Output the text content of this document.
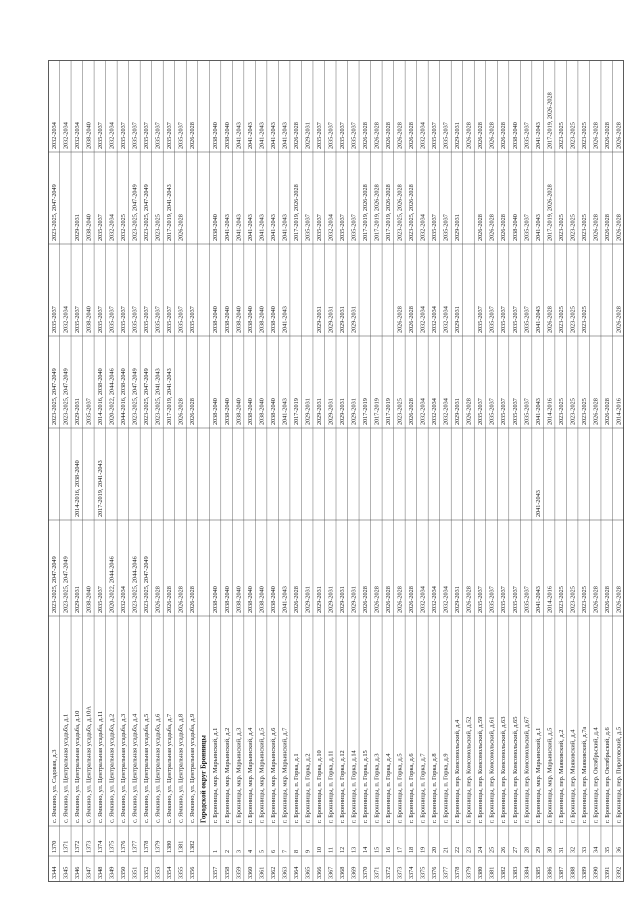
3344
1370
с. Ямкино, ул. Садовая, д.3
2023-2025, 2047-2049
2023-2025, 2047-2049
2035-2037
2023-2025, 2047-2049
2032-2034
3345
1371
с. Ямкино, ул. Центральная усадьба, д.1
2023-2025, 2047-2049
2023-2025, 2047-2049
2032-2034
2032-2034
3346
1372
с. Ямкино, ул. Центральная усадьба, д.10
2029-2031
2014-2016, 2038-2040
2029-2031
2035-2037
2029-2031
2032-2034
3347
1373
с. Ямкино, ул. Центральная усадьба, д.10А
2038-2040
2035-2037
2038-2040
2038-2040
2038-2040
3348
1374
с. Ямкино, ул. Центральная усадьба, д.11
2035-2037
2017-2019, 2041-2043
2014-2016, 2038-2040
2035-2037
2035-2037
2035-2037
3349
1375
с. Ямкино, ул. Центральная усадьба, д.2
2020-2022, 2044-2046
2020-2022, 2044-2046
2035-2037
2032-2034
2032-2034
3350
1376
с. Ямкино, ул. Центральная усадьба, д.3
2032-2034
2044-2016, 2038-2040
2035-2037
2032-2025
2035-2037
3351
1377
с. Ямкино, ул. Центральная усадьба, д.4
2023-2025, 2044-2046
2023-2025, 2047-2049
2035-2037
2023-2025, 2047-2049
2035-2037
3352
1378
с. Ямкино, ул. Центральная усадьба, д.5
2023-2025, 2047-2049
2023-2025, 2047-2049
2035-2037
2023-2025, 2047-2049
2035-2037
3353
1379
с. Ямкино, ул. Центральная усадьба, д.6
2026-2028
2023-2025, 2041-2043
2035-2037
2023-2025
2035-2037
3354
1380
с. Ямкино, ул. Центральная усадьба, д.7
2026-2028
2017-2019, 2041-2043
2035-2037
2017-2019, 2041-2043
2035-2037
3355
1381
с. Ямкино, ул. Центральная усадьба, д.8
2026-2028
2026-2028
2035-2037
2026-2028
2035-2037
3356
1382
с. Ямкино, ул. Центральная усадьба, д.9
2026-2028
2026-2028
2035-2037
2026-2028
Городской округ Бронницы
3357
1
г. Бронницы, мкр. Марьинский, д.1
2038-2040
2038-2040
2038-2040
2038-2040
2038-2040
3358
2
г. Бронницы, мкр. Марьинский, д.2
2038-2040
2038-2040
2038-2040
2041-2043
2038-2040
3359
3
г. Бронницы, мкр. Марьинский, д.3
2038-2040
2038-2040
2038-2040
2041-2043
2041-2043
3360
4
г. Бронницы, мкр. Марьинский, д.4
2038-2040
2038-2040
2038-2040
2041-2043
2041-2043
3361
5
г. Бронницы, мкр. Марьинский, д.5
2038-2040
2038-2040
2038-2040
2041-2043
2041-2043
3362
6
г. Бронницы, мкр. Марьинский, д.6
2038-2040
2038-2040
2038-2040
2041-2043
2041-2043
3363
7
г. Бронницы, мкр. Марьинский, д.7
2041-2043
2041-2043
2041-2043
2041-2043
2041-2043
3364
8
г. Бронницы, п. Горка, д.1
2026-2028
2017-2019
2017-2019, 2026-2028
2026-2028
3365
9
г. Бронницы, п. Горка, д.2
2029-2031
2029-2031
2035-2037
2029-2031
3366
10
г. Бронницы, п. Горка, д.10
2029-2031
2029-2031
2029-2031
2035-2037
2035-2037
3367
11
г. Бронницы, п. Горка, д.11
2029-2031
2029-2031
2029-2031
2032-2034
2035-2037
3368
12
г. Бронницы, п. Горка, д.12
2029-2031
2029-2031
2029-2031
2035-2037
2035-2037
3369
13
г. Бронницы, п. Горка, д.14
2029-2031
2029-2031
2029-2031
2035-2037
2035-2037
3370
14
г. Бронницы, п. Горка, д.15
2026-2028
2017-2019
2017-2019, 2026-2028
2026-2028
3371
15
г. Бронницы, п. Горка, д.3
2026-2028
2017-2019
2017-2019, 2026-2028
2026-2028
3372
16
г. Бронницы, п. Горка, д.4
2026-2028
2017-2019
2017-2019, 2026-2028
2026-2028
3373
17
г. Бронницы, п. Горка, д.5
2026-2028
2023-2025
2026-2028
2023-2025, 2026-2028
2026-2028
3374
18
г. Бронницы, п. Горка, д.6
2026-2028
2026-2028
2026-2028
2023-2025, 2026-2028
2026-2028
3375
19
г. Бронницы, п. Горка, д.7
2032-2034
2032-2034
2032-2034
2032-2034
2032-2034
3376
20
г. Бронницы, п. Горка, д.8
2032-2034
2032-2034
2032-2034
2035-2037
2035-2037
3377
21
г. Бронницы, п. Горка, д.9
2032-2034
2032-2034
2032-2034
2035-2037
2035-2037
3378
22
г. Бронницы, пер. Комсомольский, д.4
2029-2031
2029-2031
2029-2031
2029-2031
2029-2031
3379
23
г. Бронницы, пер. Комсомольский, д.52
2026-2028
2026-2028
2026-2028
3380
24
г. Бронницы, пер. Комсомольский, д.59
2035-2037
2035-2037
2035-2037
2026-2028
2026-2028
3381
25
г. Бронницы, пер. Комсомольский, д.61
2035-2037
2035-2037
2035-2037
2026-2028
2026-2028
3382
26
г. Бронницы, пер. Комсомольский, д.63
2035-2037
2035-2037
2035-2037
2026-2028
2026-2028
3383
27
г. Бронницы, пер. Комсомольский, д.65
2035-2037
2035-2037
2035-2037
2038-2040
2038-2040
3384
28
г. Бронницы, пер. Комсомольский, д.67
2035-2037
2035-2037
2035-2037
2035-2037
2035-2037
3385
29
г. Бронницы, мкр. Марьинский, д.1
2041-2043
2041-2043
2041-2043
2041-2043
2041-2043
2041-2043
3386
30
г. Бронницы, мкр. Марьинский, д.5
2014-2016
2014-2016
2026-2028
2017-2019, 2026-2028
2017-2019, 2026-2028
3387
31
г. Бронницы, пер. Маяковский, д.2
2023-2025
2023-2025
2023-2025
2023-2025
2023-2025
3388
32
г. Бронницы, пер. Маяковский, д.4
2023-2025
2023-2025
2023-2025
2023-2025
2023-2025
3389
33
г. Бронницы, пер. Маяковский, д.7а
2023-2025
2023-2025
2023-2025
2023-2025
2023-2025
3390
34
г. Бронницы, пер. Октябрьский, д.4
2026-2028
2026-2028
2026-2028
2026-2028
3391
35
г. Бронницы, пер. Октябрьский, д.6
2026-2028
2026-2028
2026-2028
2026-2028
3392
36
г. Бронницы, пер. Пироговский, д.5
2026-2028
2014-2016
2026-2028
2026-2028
2026-2028
